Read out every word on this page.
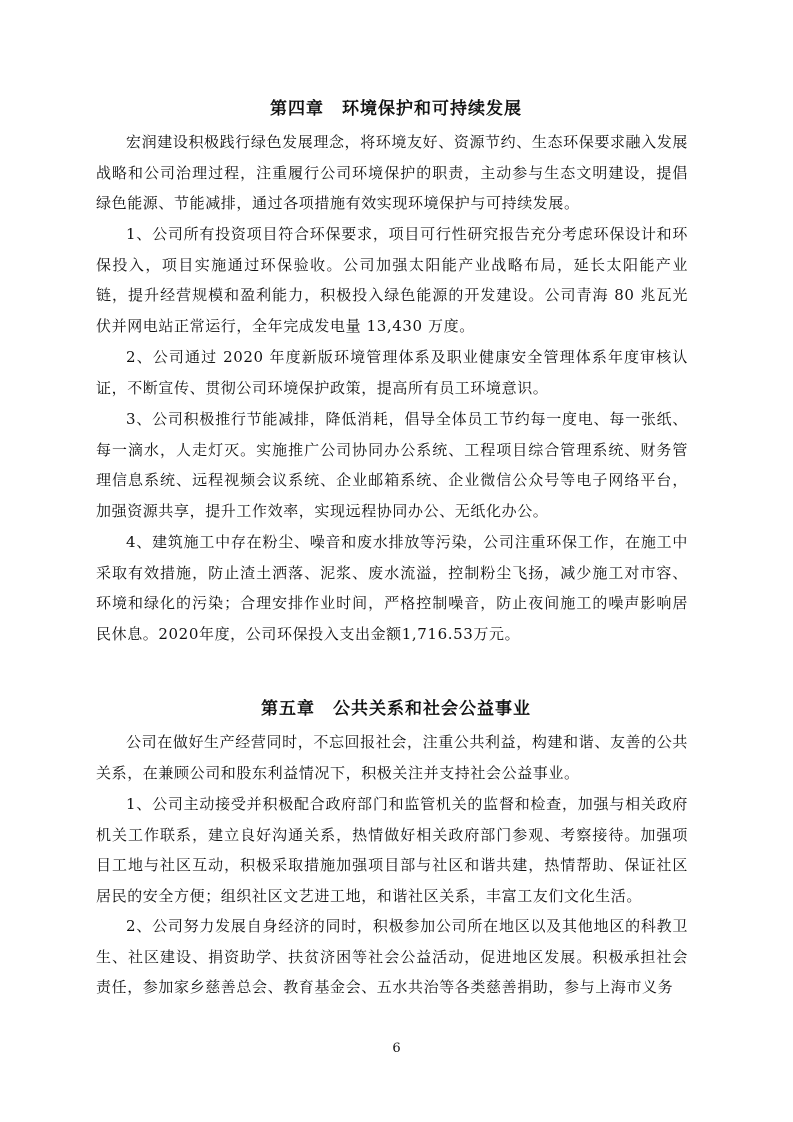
第四章　环境保护和可持续发展
宏润建设积极践行绿色发展理念，将环境友好、资源节约、生态环保要求融入发展战略和公司治理过程，注重履行公司环境保护的职责，主动参与生态文明建设，提倡绿色能源、节能减排，通过各项措施有效实现环境保护与可持续发展。
1、公司所有投资项目符合环保要求，项目可行性研究报告充分考虑环保设计和环保投入，项目实施通过环保验收。公司加强太阳能产业战略布局，延长太阳能产业链，提升经营规模和盈利能力，积极投入绿色能源的开发建设。公司青海 80 兆瓦光伏并网电站正常运行，全年完成发电量 13,430 万度。
2、公司通过 2020 年度新版环境管理体系及职业健康安全管理体系年度审核认证，不断宣传、贯彻公司环境保护政策，提高所有员工环境意识。
3、公司积极推行节能减排，降低消耗，倡导全体员工节约每一度电、每一张纸、每一滴水，人走灯灭。实施推广公司协同办公系统、工程项目综合管理系统、财务管理信息系统、远程视频会议系统、企业邮箱系统、企业微信公众号等电子网络平台，加强资源共享，提升工作效率，实现远程协同办公、无纸化办公。
4、建筑施工中存在粉尘、噪音和废水排放等污染，公司注重环保工作，在施工中采取有效措施，防止渣土洒落、泥浆、废水流溢，控制粉尘飞扬，减少施工对市容、环境和绿化的污染；合理安排作业时间，严格控制噪音，防止夜间施工的噪声影响居民休息。2020年度，公司环保投入支出金额1,716.53万元。
第五章　公共关系和社会公益事业
公司在做好生产经营同时，不忘回报社会，注重公共利益，构建和谐、友善的公共关系，在兼顾公司和股东利益情况下，积极关注并支持社会公益事业。
1、公司主动接受并积极配合政府部门和监管机关的监督和检查，加强与相关政府机关工作联系，建立良好沟通关系，热情做好相关政府部门参观、考察接待。加强项目工地与社区互动，积极采取措施加强项目部与社区和谐共建，热情帮助、保证社区居民的安全方便；组织社区文艺进工地，和谐社区关系，丰富工友们文化生活。
2、公司努力发展自身经济的同时，积极参加公司所在地区以及其他地区的科教卫生、社区建设、捐资助学、扶贫济困等社会公益活动，促进地区发展。积极承担社会责任，参加家乡慈善总会、教育基金会、五水共治等各类慈善捐助，参与上海市义务
6
